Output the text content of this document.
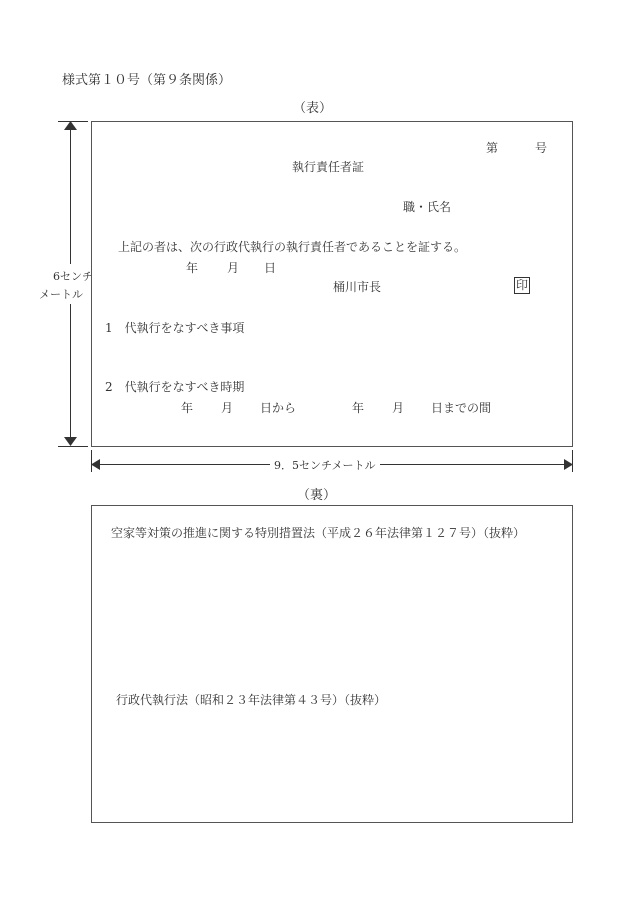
様式第１０号（第９条関係）
（表）
6センチ
メートル
第	号
執行責任者証
職・氏名
上記の者は、次の行政代執行の執行責任者であることを証する。
年 月 日
桶川市長	印
1　代執行をなすべき事項
2　代執行をなすべき時期
年 月 日から	年 月 日までの間
9．5センチメートル
（裏）
空家等対策の推進に関する特別措置法（平成２６年法律第１２７号）（抜粋）
行政代執行法（昭和２３年法律第４３号）（抜粋）
